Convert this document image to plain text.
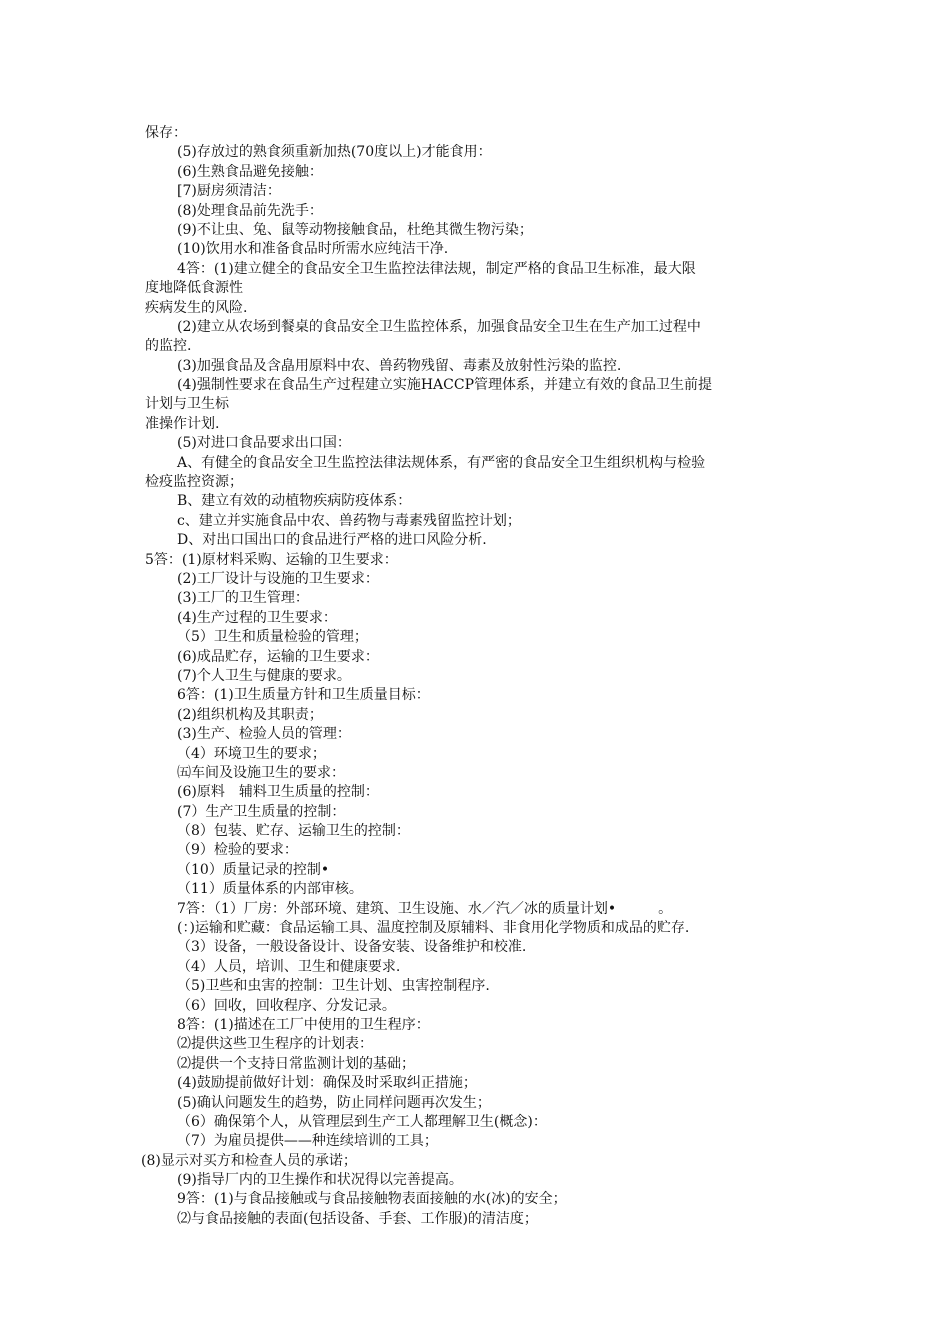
保存：
(5)存放过的熟食须重新加热(70度以上)才能食用：
(6)生熟食品避免接触：
[7)厨房须清洁：
(8)处理食品前先洗手：
(9)不让虫、兔、鼠等动物接触食品，杜绝其微生物污染；
(10)饮用水和准备食品时所需水应纯洁干净.
4答：(1)建立健全的食品安全卫生监控法律法规，制定严格的食品卫生标准，最大限
度地降低食源性
疾病发生的风险.
(2)建立从农场到餐桌的食品安全卫生监控体系，加强食品安全卫生在生产加工过程中
的监控.
(3)加强食品及含皛用原料中农、兽药物残留、毒素及放射性污染的监控.
(4)强制性要求在食品生产过程建立实施HACCP管理体系，并建立有效的食品卫生前提
计划与卫生标
准操作计划.
(5)对进口食品要求出口国：
A、有健全的食品安全卫生监控法律法规体系，有严密的食品安全卫生组织机构与检验
检疫监控资源；
B、建立有效的动植物疾病防疫体系：
c、建立并实施食品中农、兽药物与毒素残留监控计划；
D、对出口国出口的食品进行严格的进口风险分析.
5答：(1)原材料采购、运输的卫生要求：
(2)工厂设计与设施的卫生要求：
(3)工厂的卫生管理：
(4)生产过程的卫生要求：
（5）卫生和质量检验的管理；
(6)成品贮存，运输的卫生要求：
(7)个人卫生与健康的要求。
6答：(1)卫生质量方针和卫生质量目标：
(2)组织机构及其职责；
(3)生产、检验人员的管理：
（4）环境卫生的要求；
㈤车间及设施卫生的要求：
(6)原料　辅料卫生质量的控制：
(7）生产卫生质量的控制：
（8）包装、贮存、运输卫生的控制：
（9）检验的要求：
（10）质量记录的控制•
（11）质量体系的内部审核。
7答：（1）厂房：外部环境、建筑、卫生设施、水／汽／冰的质量计划•　　　。
(：)运输和贮藏：食品运输工具、温度控制及原辅料、非食用化学物质和成品的贮存.
（3）设备，一般设备设计、设备安装、设备维护和校准.
（4）人员，培训、卫生和健康要求.
（5)卫些和虫害的控制：卫生计划、虫害控制程序.
（6）回收，回收程序、分发记录。
8答：(1)描述在工厂中使用的卫生程序：
⑵提供这些卫生程序的计划表：
⑵提供一个支持日常监测计划的基础；
(4)鼓励提前做好计划：确保及时采取纠正措施；
(5)确认问题发生的趋势，防止同样问题再次发生；
（6）确保第个人，从管理层到生产工人都理解卫生(概念)：
（7）为雇员提供——种连续培训的工具；
(8)显示对买方和检查人员的承诺；
(9)指导厂内的卫生操作和状况得以完善提高。
9答：(1)与食品接触或与食品接触物表面接触的水(冰)的安全；
⑵与食品接触的表面(包括设备、手套、工作服)的清洁度；
